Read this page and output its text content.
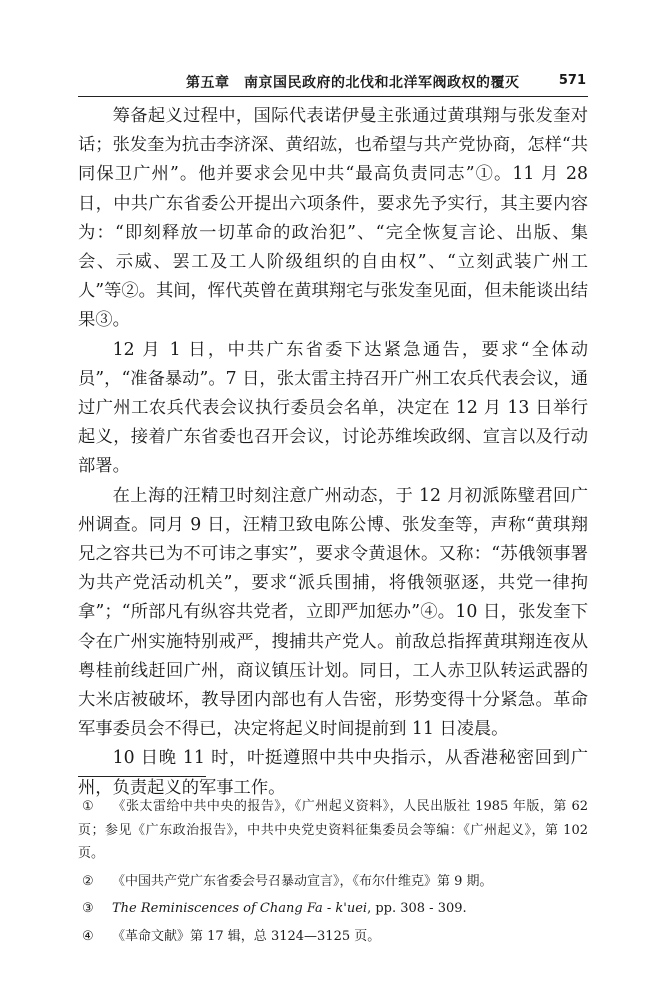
第五章　南京国民政府的北伐和北洋军阀政权的覆灭	571

筹备起义过程中，国际代表诺伊曼主张通过黄琪翔与张发奎对话；张发奎为抗击李济深、黄绍竑，也希望与共产党协商，怎样“共同保卫广州”。他并要求会见中共“最高负责同志”①。11 月 28 日，中共广东省委公开提出六项条件，要求先予实行，其主要内容为：“即刻释放一切革命的政治犯”、“完全恢复言论、出版、集会、示威、罢工及工人阶级组织的自由权”、“立刻武装广州工人”等②。其间，恽代英曾在黄琪翔宅与张发奎见面，但未能谈出结果③。

12 月 1 日，中共广东省委下达紧急通告，要求“全体动员”，“准备暴动”。7 日，张太雷主持召开广州工农兵代表会议，通过广州工农兵代表会议执行委员会名单，决定在 12 月 13 日举行起义，接着广东省委也召开会议，讨论苏维埃政纲、宣言以及行动部署。

在上海的汪精卫时刻注意广州动态，于 12 月初派陈璧君回广州调查。同月 9 日，汪精卫致电陈公博、张发奎等，声称“黄琪翔兄之容共已为不可讳之事实”，要求令黄退休。又称：“苏俄领事署为共产党活动机关”，要求“派兵围捕，将俄领驱逐，共党一律拘拿”；“所部凡有纵容共党者，立即严加惩办”④。10 日，张发奎下令在广州实施特别戒严，搜捕共产党人。前敌总指挥黄琪翔连夜从粤桂前线赶回广州，商议镇压计划。同日，工人赤卫队转运武器的大米店被破坏，教导团内部也有人告密，形势变得十分紧急。革命军事委员会不得已，决定将起义时间提前到 11 日凌晨。

10 日晚 11 时，叶挺遵照中共中央指示，从香港秘密回到广州，负责起义的军事工作。

① 《张太雷给中共中央的报告》，《广州起义资料》，人民出版社 1985 年版，第 62 页；参见《广东政治报告》，中共中央党史资料征集委员会等编：《广州起义》，第 102 页。

② 《中国共产党广东省委会号召暴动宣言》，《布尔什维克》第 9 期。

③ The Reminiscences of Chang Fa - k'uei, pp. 308 - 309.

④ 《革命文献》第 17 辑，总 3124—3125 页。
